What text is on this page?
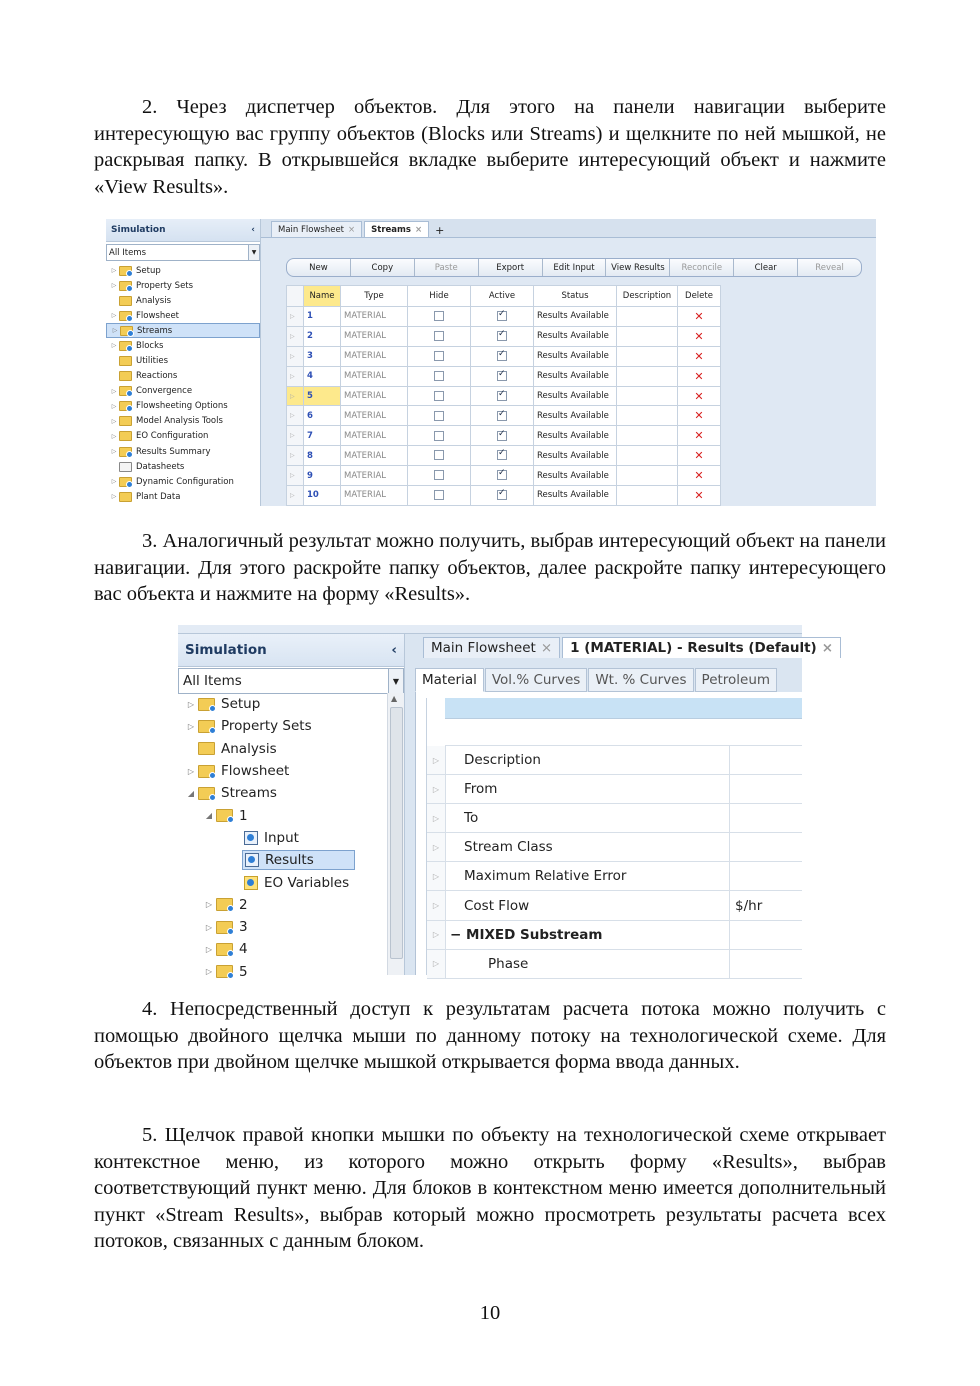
2. Через диспетчер объектов. Для этого на панели навигации выберите интересующую вас группу объектов (Blocks или Streams) и щелкните по ней мышкой, не раскрывая папку. В открывшейся вкладке выберите интересующий объект и нажмите «View Results».

Simulation	‹
All Items	▼
▷	Setup
▷	Property Sets
Analysis
▷	Flowsheet
▷	Streams
▷	Blocks
Utilities
Reactions
▷	Convergence
▷	Flowsheeting Options
▷	Model Analysis Tools
▷	EO Configuration
▷	Results Summary
Datasheets
▷	Dynamic Configuration
▷	Plant Data
Main Flowsheet × Streams ×	+
New	Copy	Paste	Export	Edit Input	View Results	Reconcile	Clear	Reveal
	Name	Type	Hide	Active	Status	Description	Delete
▷	1	MATERIAL		✓	Results Available		✕
▷	2	MATERIAL		✓	Results Available		✕
▷	3	MATERIAL		✓	Results Available		✕
▷	4	MATERIAL		✓	Results Available		✕
▷	5	MATERIAL		✓	Results Available		✕
▷	6	MATERIAL		✓	Results Available		✕
▷	7	MATERIAL		✓	Results Available		✕
▷	8	MATERIAL		✓	Results Available		✕
▷	9	MATERIAL		✓	Results Available		✕
▷	10	MATERIAL		✓	Results Available		✕

3. Аналогичный результат можно получить, выбрав интересующий объект на панели навигации. Для этого раскройте папку объектов, далее раскройте папку интересующего вас объекта и нажмите на форму «Results».

Simulation	‹
All Items	▼
▷ Setup
▷ Property Sets
Analysis
▷ Flowsheet
◢ Streams
◢ 1
Input
Results
EO Variables
▷ 2
▷ 3
▷ 4
▷ 5
▲
Main Flowsheet × 1 (MATERIAL) - Results (Default) ×
Material	Vol.% Curves	Wt. % Curves	Petroleum
▷	Description
▷	From
▷	To
▷	Stream Class
▷	Maximum Relative Error
▷	Cost Flow	$/hr
▷ − MIXED Substream
▷	Phase

4. Непосредственный доступ к результатам расчета потока можно получить с помощью двойного щелчка мыши по данному потоку на технологической схеме. Для объектов при двойном щелчке мышкой открывается форма ввода данных.

5. Щелчок правой кнопки мышки по объекту на технологической схеме открывает контекстное меню, из которого можно открыть форму «Results», выбрав соответствующий пункт меню. Для блоков в контекстном меню имеется дополнительный пункт «Stream Results», выбрав который можно просмотреть результаты расчета всех потоков, связанных с данным блоком.

10
